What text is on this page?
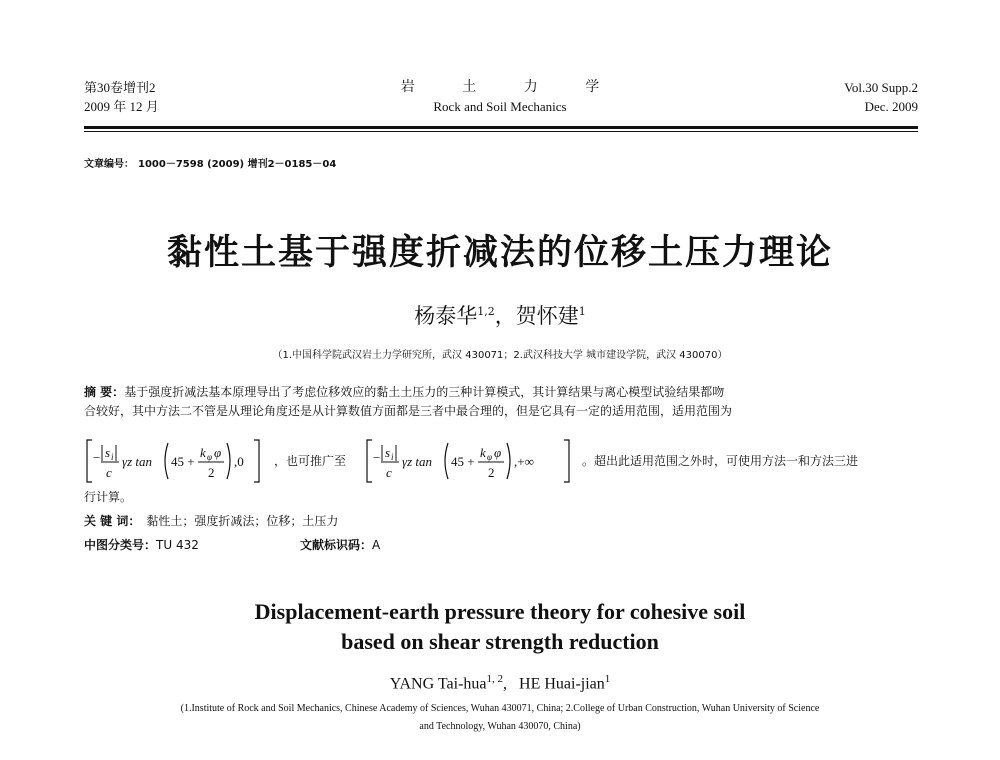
第30卷增刊2
2009 年 12 月
岩 土 力 学
Rock and Soil Mechanics
Vol.30 Supp.2
Dec. 2009
文章编号： 1000－7598 (2009) 增刊2－0185－04
黏性土基于强度折减法的位移土压力理论
杨泰华$^{1,2}$，贺怀建$^1$
（1.中国科学院武汉岩土力学研究所，武汉 430071；2.武汉科技大学 城市建设学院，武汉 430070）
摘 要：基于强度折减法基本原理导出了考虑位移效应的黏土土压力的三种计算模式，其计算结果与离心模型试验结果都吻
合较好，其中方法二不管是从理论角度还是从计算数值方面都是三者中最合理的，但是它具有一定的适用范围，适用范围为
− s i
c
γz tan 45 +
k φ φ
2
,0	− s i
c
γz tan 45 +
k φ φ
2
,+∞
，也可推广至	。超出此适用范围之外时，可使用方法一和方法三进
行计算。
关 键 词： 黏性土；强度折减法；位移；土压力
中图分类号：TU 432	文献标识码：A
Displacement-earth pressure theory for cohesive soil
based on shear strength reduction
YANG Tai-hua$^{1, 2}$, HE Huai-jian$^1$
(1.Institute of Rock and Soil Mechanics, Chinese Academy of Sciences, Wuhan 430071, China; 2.College of Urban Construction, Wuhan University of Science
and Technology, Wuhan 430070, China)
